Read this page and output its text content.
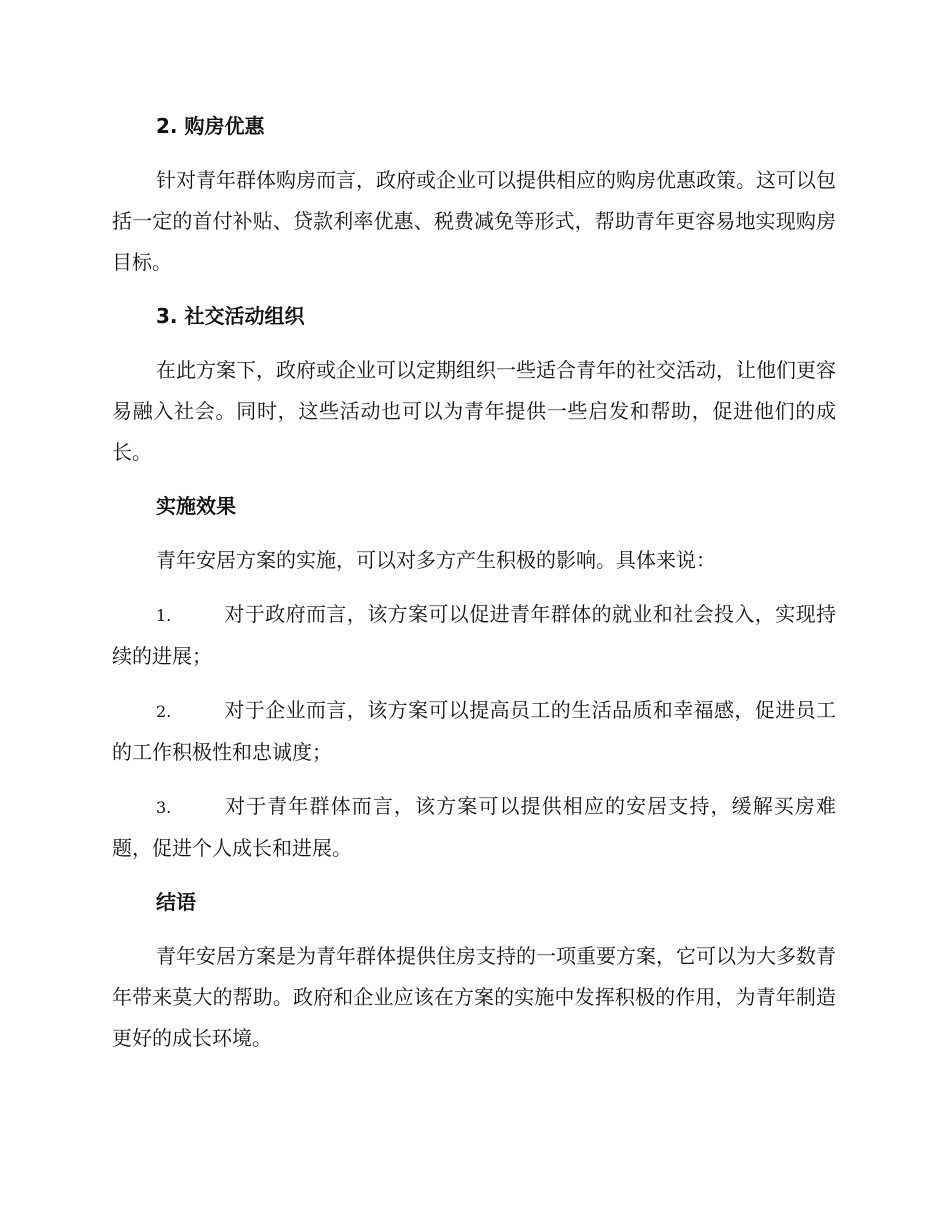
2. 购房优惠

针对青年群体购房而言，政府或企业可以提供相应的购房优惠政策。这可以包括一定的首付补贴、贷款利率优惠、税费减免等形式，帮助青年更容易地实现购房目标。

3. 社交活动组织

在此方案下，政府或企业可以定期组织一些适合青年的社交活动，让他们更容易融入社会。同时，这些活动也可以为青年提供一些启发和帮助，促进他们的成长。

实施效果

青年安居方案的实施，可以对多方产生积极的影响。具体来说：

1.	对于政府而言，该方案可以促进青年群体的就业和社会投入，实现持续的进展；

2.	对于企业而言，该方案可以提高员工的生活品质和幸福感，促进员工的工作积极性和忠诚度；

3.	对于青年群体而言，该方案可以提供相应的安居支持，缓解买房难题，促进个人成长和进展。

结语

青年安居方案是为青年群体提供住房支持的一项重要方案，它可以为大多数青年带来莫大的帮助。政府和企业应该在方案的实施中发挥积极的作用，为青年制造更好的成长环境。
